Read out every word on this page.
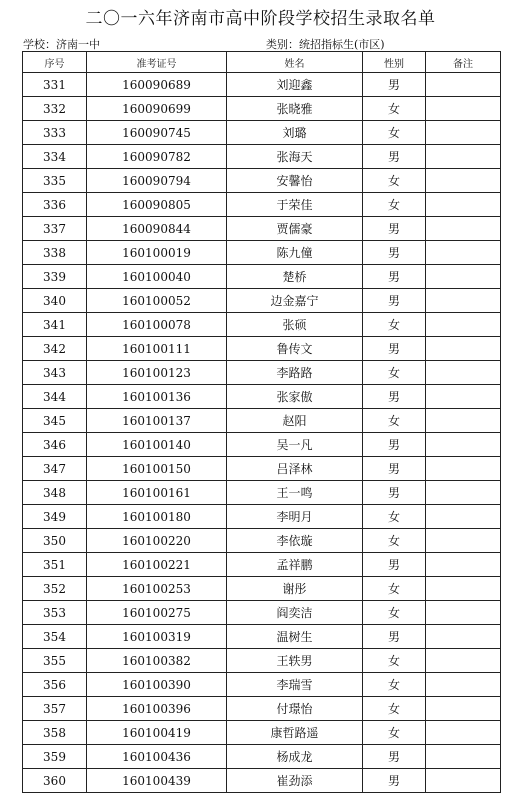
二〇一六年济南市高中阶段学校招生录取名单
学校：济南一中	类别：统招指标生(市区)
序号	准考证号	姓名	性别	备注
331	160090689	刘迎鑫	男	
332	160090699	张晓雅	女	
333	160090745	刘璐	女	
334	160090782	张海天	男	
335	160090794	安馨怡	女	
336	160090805	于荣佳	女	
337	160090844	贾儒豪	男	
338	160100019	陈九僮	男	
339	160100040	楚桥	男	
340	160100052	边金嘉宁	男	
341	160100078	张硕	女	
342	160100111	鲁传文	男	
343	160100123	李路路	女	
344	160100136	张家傲	男	
345	160100137	赵阳	女	
346	160100140	吴一凡	男	
347	160100150	吕泽林	男	
348	160100161	王一鸣	男	
349	160100180	李明月	女	
350	160100220	李依璇	女	
351	160100221	孟祥鹏	男	
352	160100253	谢彤	女	
353	160100275	阎奕洁	女	
354	160100319	温树生	男	
355	160100382	王轶男	女	
356	160100390	李瑞雪	女	
357	160100396	付璟怡	女	
358	160100419	康哲路遥	女	
359	160100436	杨成龙	男	
360	160100439	崔劲添	男	
